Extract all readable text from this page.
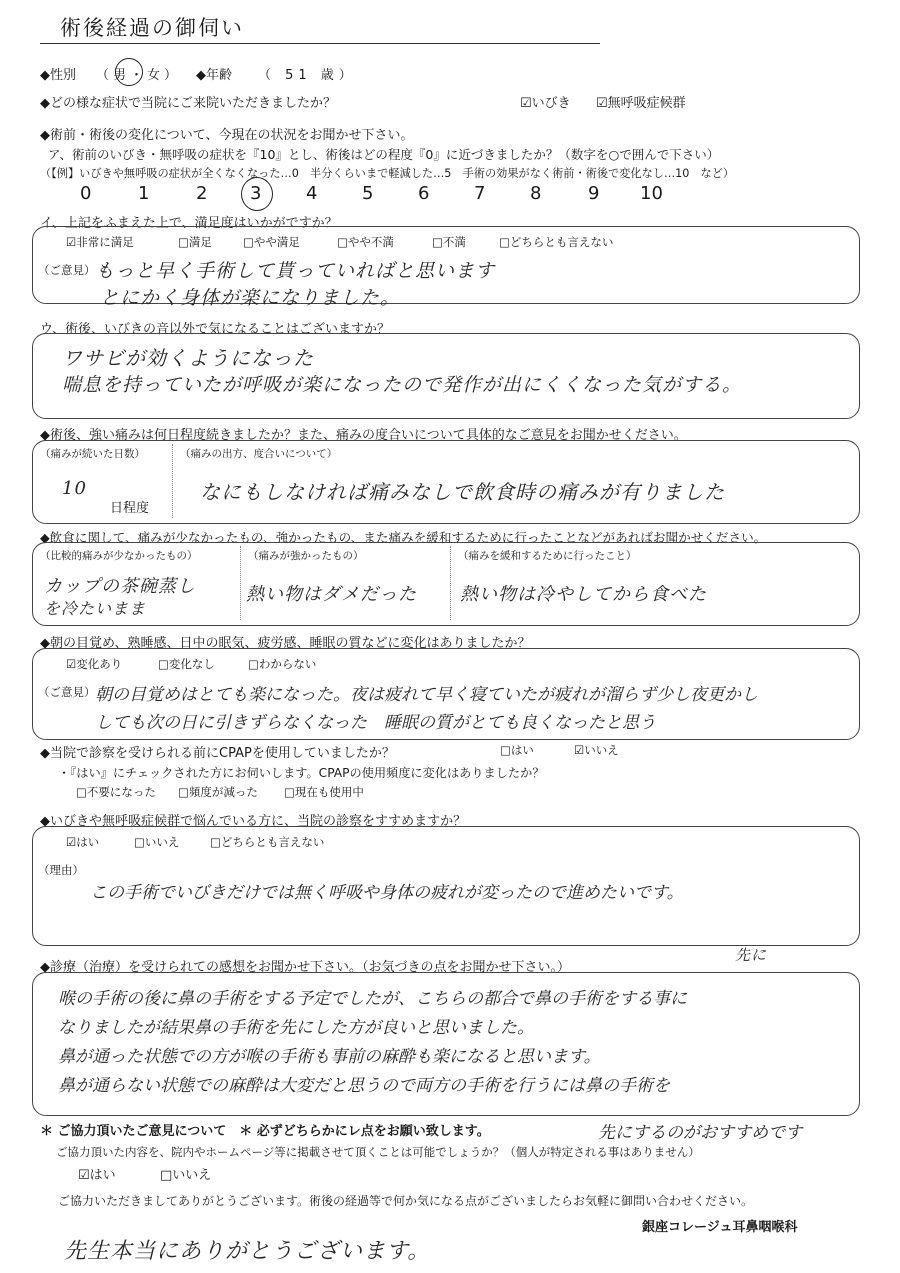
術後経過の御伺い
◆性別 （男・女） ◆年齢 （ 51 歳）
◆どの様な症状で当院にご来院いただきましたか？	☑いびき ☑無呼吸症候群
◆術前・術後の変化について、今現在の状況をお聞かせ下さい。
ア、術前のいびき・無呼吸の症状を『10』とし、術後はどの程度『0』に近づきましたか？（数字を○で囲んで下さい）
（【例】いびきや無呼吸の症状が全くなくなった…0　半分くらいまで軽減した…5　手術の効果がなく術前・術後で変化なし…10　など）
0	1	2 3 4 5 6 7 8	9 10
イ、上記をふまえた上で、満足度はいかがですか？
☑非常に満足	□満足	□やや満足	□やや不満	□不満	□どちらとも言えない
（ご意見） もっと早く手術して貰っていればと思います
とにかく身体が楽になりました。
ウ、術後、いびきの音以外で気になることはございますか？
ワサビが効くようになった
喘息を持っていたが呼吸が楽になったので発作が出にくくなった気がする。
◆術後、強い痛みは何日程度続きましたか？また、痛みの度合いについて具体的なご意見をお聞かせください。
（痛みが続いた日数）
10
日程度
（痛みの出方、度合いについて）
なにもしなければ痛みなしで飲食時の痛みが有りました
◆飲食に関して、痛みが少なかったもの、強かったもの、また痛みを緩和するために行ったことなどがあればお聞かせください。
（比較的痛みが少なかったもの）
カップの茶碗蒸し
を冷たいまま
（痛みが強かったもの）
熱い物はダメだった
（痛みを緩和するために行ったこと）
熱い物は冷やしてから食べた
◆朝の目覚め、熟睡感、日中の眠気、疲労感、睡眠の質などに変化はありましたか？
☑変化あり	□変化なし	□わからない
（ご意見） 朝の目覚めはとても楽になった。夜は疲れて早く寝ていたが疲れが溜らず少し夜更かし
しても次の日に引きずらなくなった　睡眠の質がとても良くなったと思う
◆当院で診察を受けられる前にCPAPを使用していましたか？	□はい	☑いいえ
・『はい』にチェックされた方にお伺いします。CPAPの使用頻度に変化はありましたか？
□不要になった □頻度が減った □現在も使用中
◆いびきや無呼吸症候群で悩んでいる方に、当院の診察をすすめますか？
☑はい	□いいえ	□どちらとも言えない
（理由）
この手術でいびきだけでは無く呼吸や身体の疲れが変ったので進めたいです。
◆診療（治療）を受けられての感想をお聞かせ下さい。（お気づきの点をお聞かせ下さい。）
先に
喉の手術の後に鼻の手術をする予定でしたが、こちらの都合で鼻の手術をする事に
なりましたが結果鼻の手術を先にした方が良いと思いました。
鼻が通った状態での方が喉の手術も事前の麻酔も楽になると思います。
鼻が通らない状態での麻酔は大変だと思うので両方の手術を行うには鼻の手術を
先にするのがおすすめです
＊ ご協力頂いたご意見について　＊ 必ずどちらかにレ点をお願い致します。
ご協力頂いた内容を、院内やホームページ等に掲載させて頂くことは可能でしょうか？（個人が特定される事はありません）
☑はい	□いいえ
ご協力いただきましてありがとうございます。術後の経過等で何か気になる点がございましたらお気軽に御問い合わせください。
銀座コレージュ耳鼻咽喉科
先生本当にありがとうございます。
